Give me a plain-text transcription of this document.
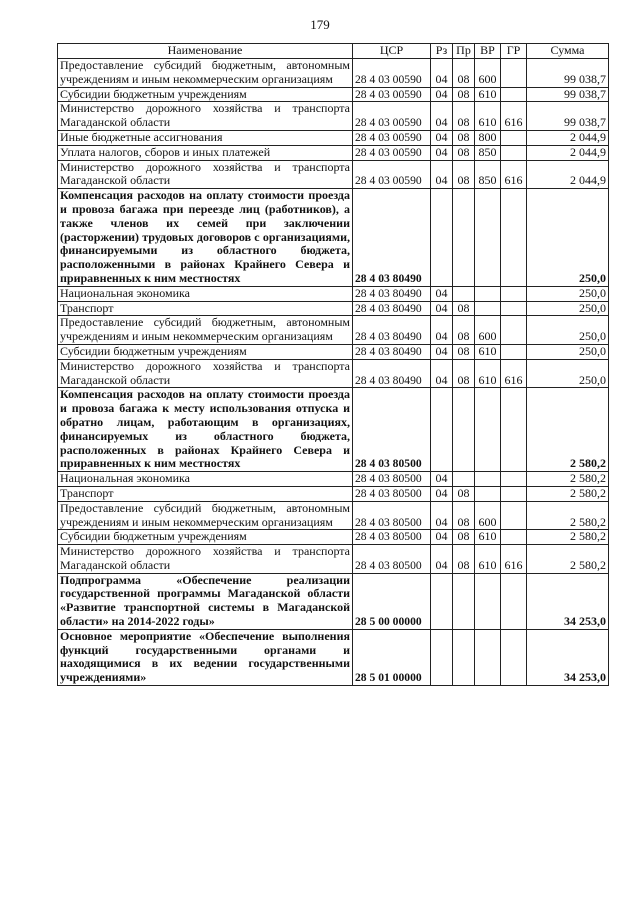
179
Наименование	ЦСР	Рз	Пр	ВР	ГР	Сумма
Предоставление субсидий бюджетным, автономным учреждениям и иным некоммерческим организациям	28 4 03 00590	04	08	600		99 038,7
Субсидии бюджетным учреждениям	28 4 03 00590	04	08	610		99 038,7
Министерство дорожного хозяйства и транспорта Магаданской области	28 4 03 00590	04	08	610	616	99 038,7
Иные бюджетные ассигнования	28 4 03 00590	04	08	800		2 044,9
Уплата налогов, сборов и иных платежей	28 4 03 00590	04	08	850		2 044,9
Министерство дорожного хозяйства и транспорта Магаданской области	28 4 03 00590	04	08	850	616	2 044,9
Компенсация расходов на оплату стоимости проезда и провоза багажа при переезде лиц (работников), а также членов их семей при заключении (расторжении) трудовых договоров с организациями, финансируемыми из областного бюджета, расположенными в районах Крайнего Севера и приравненных к ним местностях	28 4 03 80490					250,0
Национальная экономика	28 4 03 80490	04				250,0
Транспорт	28 4 03 80490	04	08			250,0
Предоставление субсидий бюджетным, автономным учреждениям и иным некоммерческим организациям	28 4 03 80490	04	08	600		250,0
Субсидии бюджетным учреждениям	28 4 03 80490	04	08	610		250,0
Министерство дорожного хозяйства и транспорта Магаданской области	28 4 03 80490	04	08	610	616	250,0
Компенсация расходов на оплату стоимости проезда и провоза багажа к месту использования отпуска и обратно лицам, работающим в организациях, финансируемых из областного бюджета, расположенных в районах Крайнего Севера и приравненных к ним местностях	28 4 03 80500					2 580,2
Национальная экономика	28 4 03 80500	04				2 580,2
Транспорт	28 4 03 80500	04	08			2 580,2
Предоставление субсидий бюджетным, автономным учреждениям и иным некоммерческим организациям	28 4 03 80500	04	08	600		2 580,2
Субсидии бюджетным учреждениям	28 4 03 80500	04	08	610		2 580,2
Министерство дорожного хозяйства и транспорта Магаданской области	28 4 03 80500	04	08	610	616	2 580,2
Подпрограмма «Обеспечение реализации государственной программы Магаданской области «Развитие транспортной системы в Магаданской области» на 2014-2022 годы»	28 5 00 00000					34 253,0
Основное мероприятие «Обеспечение выполнения функций государственными органами и находящимися в их ведении государственными учреждениями»	28 5 01 00000					34 253,0
